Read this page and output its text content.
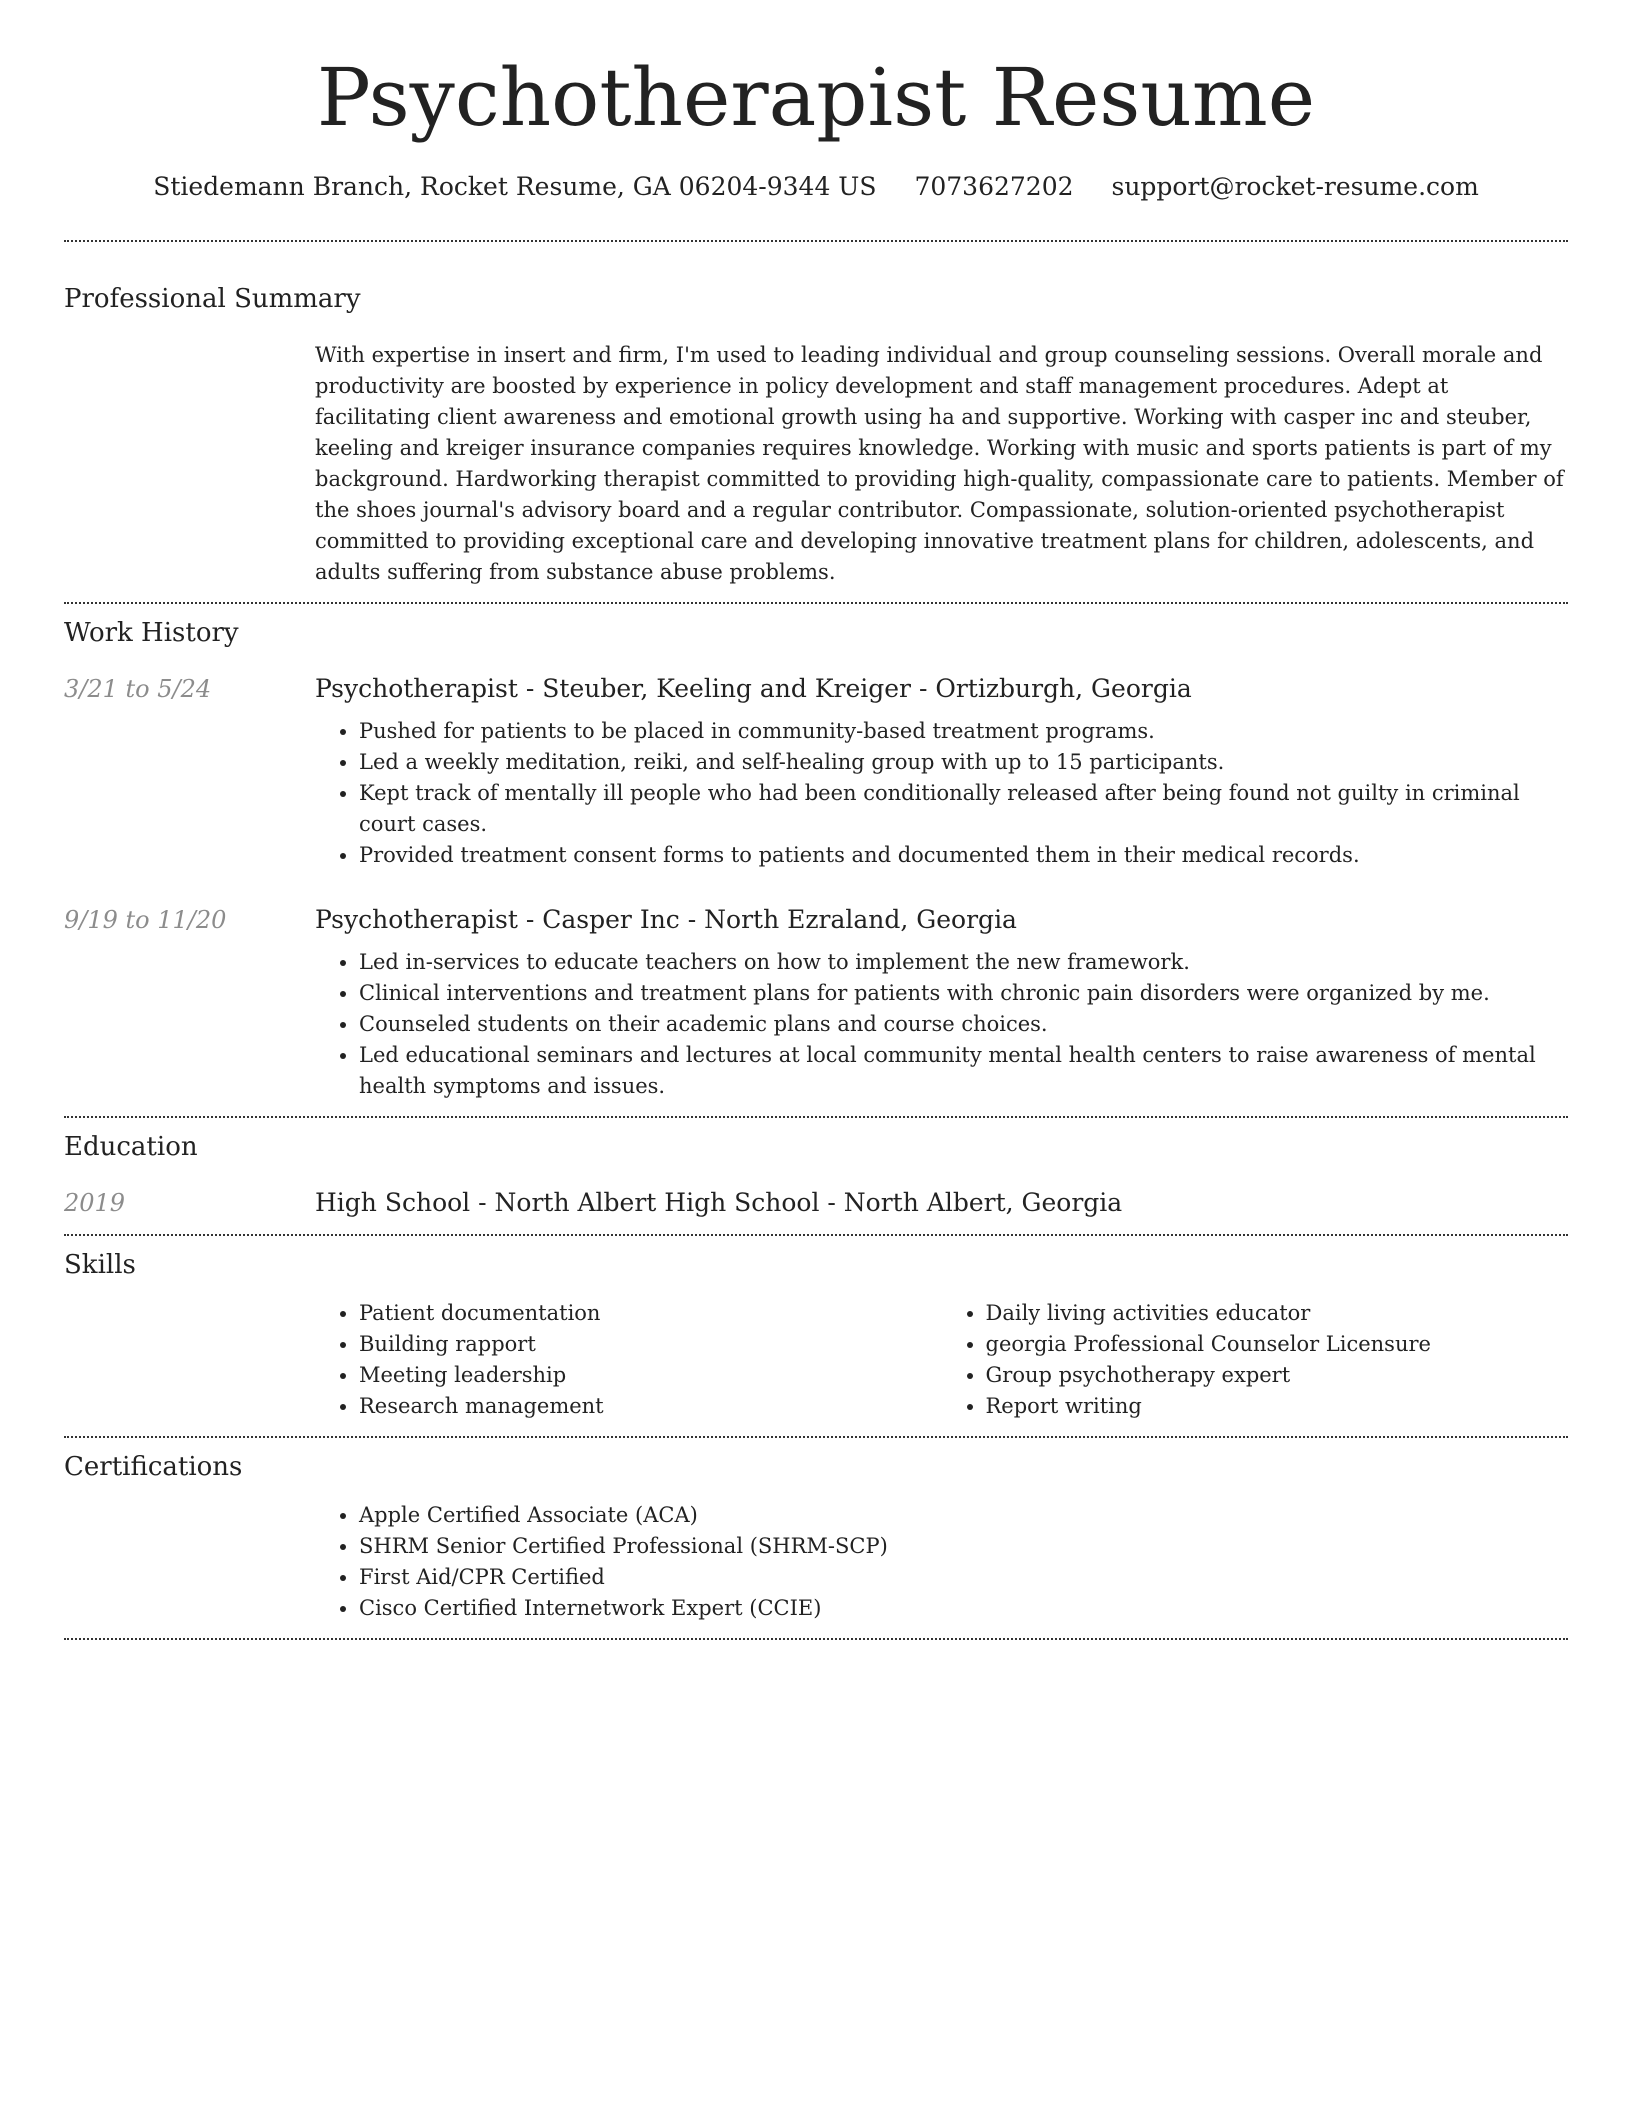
Psychotherapist Resume
Stiedemann Branch, Rocket Resume, GA 06204-9344 US 7073627202 support@rocket-resume.com
Professional Summary
With expertise in insert and firm, I'm used to leading individual and group counseling sessions. Overall morale and productivity are boosted by experience in policy development and staff management procedures. Adept at facilitating client awareness and emotional growth using ha and supportive. Working with casper inc and steuber, keeling and kreiger insurance companies requires knowledge. Working with music and sports patients is part of my background. Hardworking therapist committed to providing high-quality, compassionate care to patients. Member of the shoes journal's advisory board and a regular contributor. Compassionate, solution-oriented psychotherapist committed to providing exceptional care and developing innovative treatment plans for children, adolescents, and adults suffering from substance abuse problems.
Work History
3/21 to 5/24	Psychotherapist - Steuber, Keeling and Kreiger - Ortizburgh, Georgia
• Pushed for patients to be placed in community-based treatment programs.
• Led a weekly meditation, reiki, and self-healing group with up to 15 participants.
• Kept track of mentally ill people who had been conditionally released after being found not guilty in criminal court cases.
• Provided treatment consent forms to patients and documented them in their medical records.
9/19 to 11/20	Psychotherapist - Casper Inc - North Ezraland, Georgia
• Led in-services to educate teachers on how to implement the new framework.
• Clinical interventions and treatment plans for patients with chronic pain disorders were organized by me.
• Counseled students on their academic plans and course choices.
• Led educational seminars and lectures at local community mental health centers to raise awareness of mental health symptoms and issues.
Education
2019	High School - North Albert High School - North Albert, Georgia
Skills
• Patient documentation
• Building rapport
• Meeting leadership
• Research management
• Daily living activities educator
• georgia Professional Counselor Licensure
• Group psychotherapy expert
• Report writing
Certifications
• Apple Certified Associate (ACA)
• SHRM Senior Certified Professional (SHRM-SCP)
• First Aid/CPR Certified
• Cisco Certified Internetwork Expert (CCIE)
